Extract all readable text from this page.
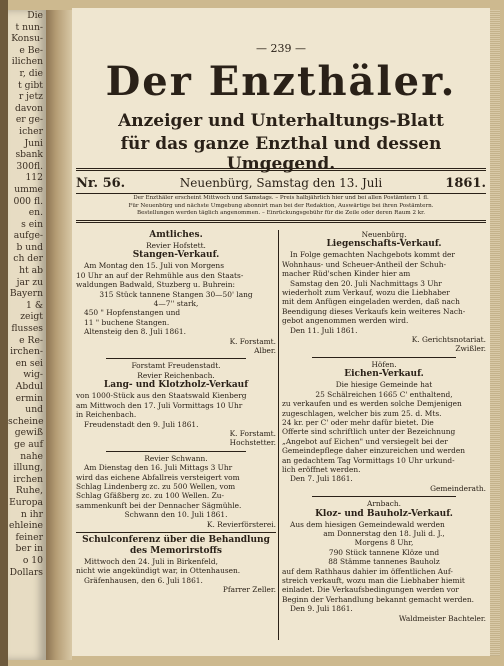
Die
t nun-
Konsu-
e Be-
ilichen
r, die
t gibt
r jetz
davon
er ge-
icher
Juni
sbank
300fl.
112
umme
000 fl.
en.
s ein
aufge-
b und
ch der
ht ab
jar zu
Bayern
1 &
zeigt
flusses
e Re-
irchen-
en sei
wig-
Abdul
ermin
und
scheine
gewiß
ge auf
nahe
illung,
irchen
Ruhe,
Europa
n ihr
ehleine
feiner
ber in
o 10
Dollars
— 239 —
Der Enzthäler.
Anzeiger und Unterhaltungs-Blatt
für das ganze Enzthal und dessen Umgegend.
Nr. 56.	Neuenbürg, Samstag den 13. Juli	1861.
Der Enzthäler erscheint Mittwoch und Samstags. – Preis halbjährlich hier und bei allen Postämtern 1 fl.
Für Neuenbürg und nächste Umgebung abonnirt man bei der Redaktion, Auswärtige bei ihren Postämtern.
Bestellungen werden täglich angenommen. – Einrückungsgebühr für die Zeile oder deren Raum 2 kr.
Amtliches.
Revier Hofstett.
Stangen-Verkauf.
Am Montag den 15. Juli von Morgens
10 Uhr an auf der Rehmühle aus den Staats-
waldungen Badwald, Stuzberg u. Buhrein:
315 Stück tannene Stangen 30—50' lang
4—7'' stark,
450 " Hopfenstangen und
11 " buchene Stangen.
Altensteig den 8. Juli 1861.
K. Forstamt.
Alber.
Forstamt Freudenstadt.
Revier Reichenbach.
Lang- und Klotzholz-Verkauf
von 1000-Stück aus den Staatswald Kienberg
am Mittwoch den 17. Juli Vormittags 10 Uhr
in Reichenbach.
Freudenstadt den 9. Juli 1861.
K. Forstamt.
Hochstetter.
Revier Schwann.
Am Dienstag den 16. Juli Mittags 3 Uhr
wird das eichene Abfallreis versteigert vom
Schlag Lindenberg zc. zu 500 Wellen, vom
Schlag Gfäßberg zc. zu 100 Wellen. Zu-
sammenkunft bei der Dennacher Sägmühle.
Schwann den 10. Juli 1861.
K. Revierförsterei.
Schulconferenz über die Behandlung
des Memorirstoffs
Mittwoch den 24. Juli in Birkenfeld,
nicht wie angekündigt war, in Ottenhausen.
Gräfenhausen, den 6. Juli 1861.
Pfarrer Zeller.
Neuenbürg.
Liegenschafts-Verkauf.
In Folge gemachten Nachgebots kommt der
Wohnhaus- und Scheuer-Antheil der Schuh-
macher Rüd'schen Kinder hier am
Samstag den 20. Juli Nachmittags 3 Uhr
wiederholt zum Verkauf, wozu die Liebhaber
mit dem Anfügen eingeladen werden, daß nach
Beendigung dieses Verkaufs kein weiteres Nach-
gebot angenommen werden wird.
Den 11. Juli 1861.
K. Gerichtsnotariat.
Zwißler.
Höfen.
Eichen-Verkauf.
Die hiesige Gemeinde hat
25 Schälreichen 1665 C' enthaltend,
zu verkaufen und es werden solche Demjenigen
zugeschlagen, welcher bis zum 25. d. Mts.
24 kr. per C' oder mehr dafür bietet. Die
Offerte sind schriftlich unter der Bezeichnung
„Angebot auf Eichen" und versiegelt bei der
Gemeindepflege daher einzureichen und werden
an gedachtem Tag Vormittags 10 Uhr urkund-
lich eröffnet werden.
Den 7. Juli 1861.
Gemeinderath.
Arnbach.
Kloz- und Bauholz-Verkauf.
Aus dem hiesigen Gemeindewald werden
am Donnerstag den 18. Juli d. J.,
Morgens 8 Uhr,
790 Stück tannene Klöze und
88 Stämme tannenes Bauholz
auf dem Rathhaus dahier im öffentlichen Auf-
streich verkauft, wozu man die Liebhaber hiemit
einladet. Die Verkaufsbedingungen werden vor
Beginn der Verhandlung bekannt gemacht werden.
Den 9. Juli 1861.
Waldmeister Bachteler.
